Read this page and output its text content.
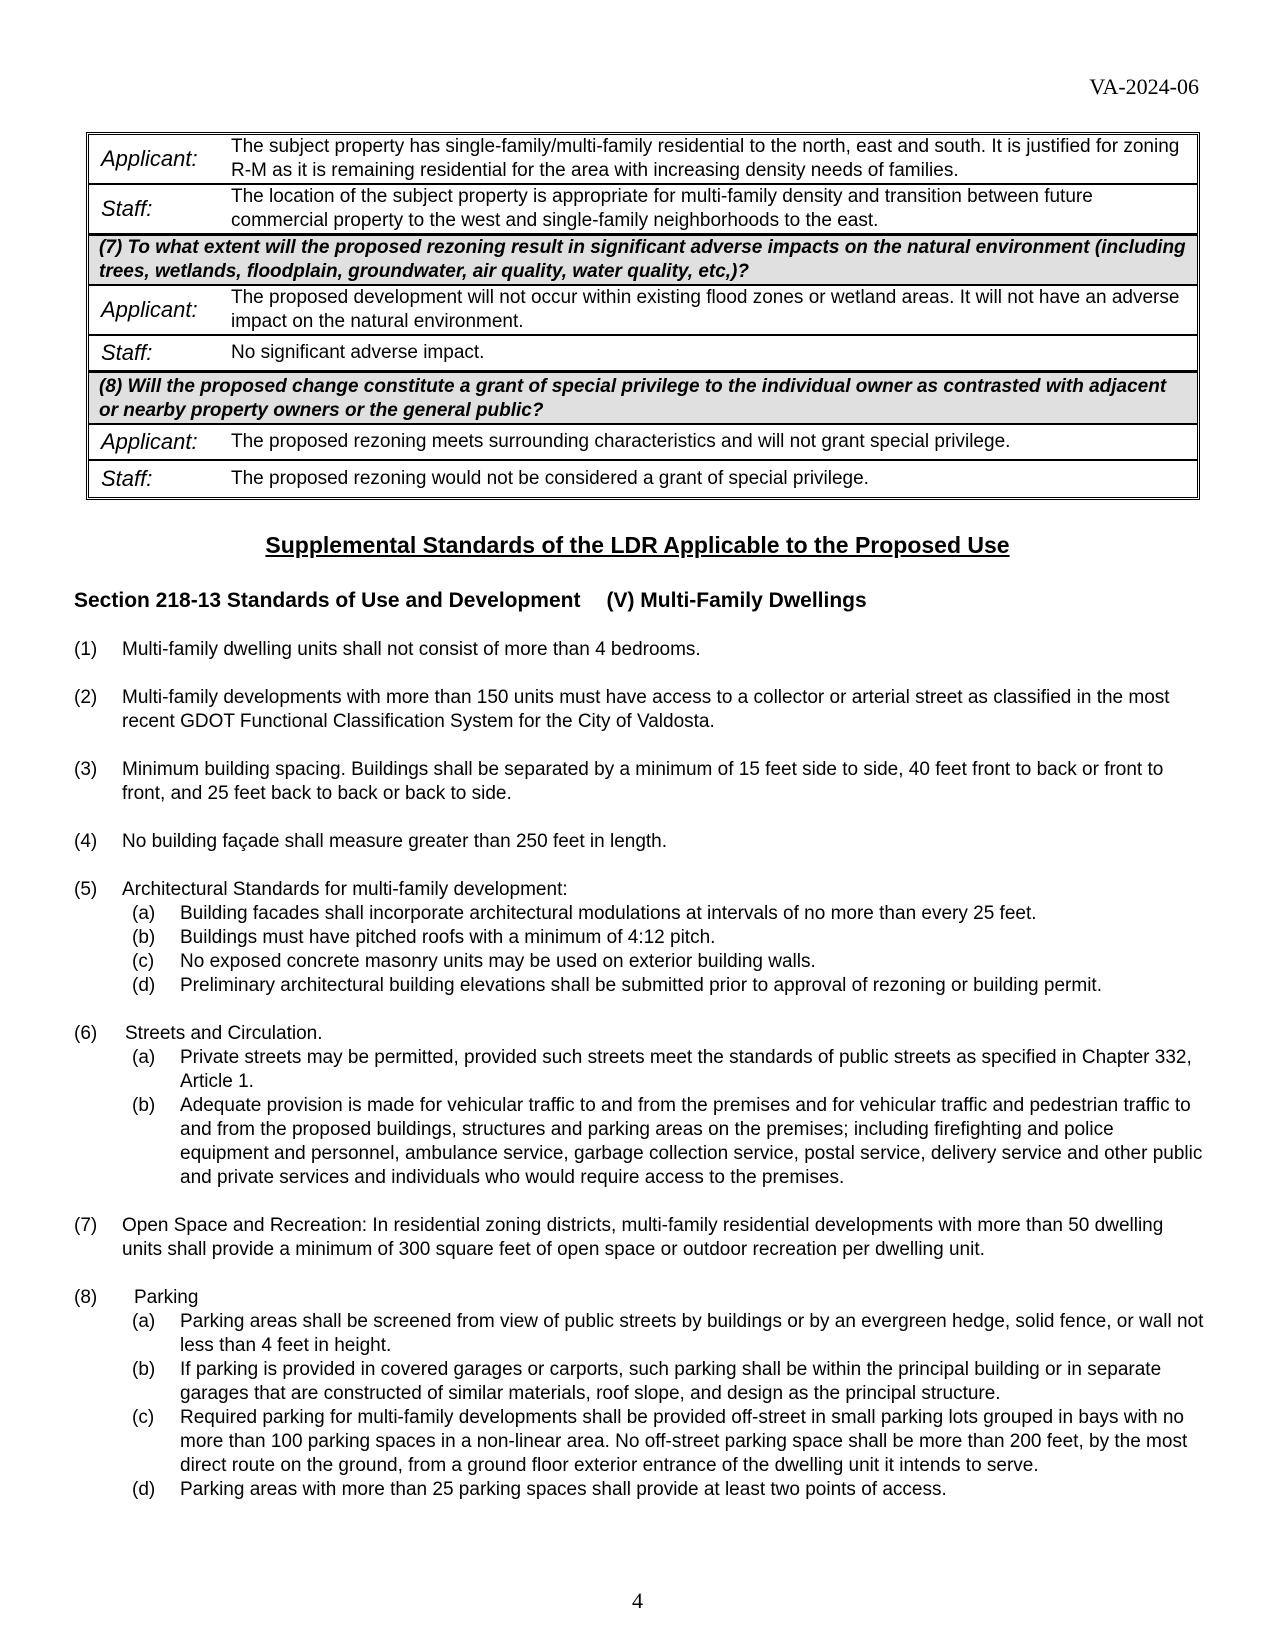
VA-2024-06
Applicant:	The subject property has single-family/multi-family residential to the north, east and south. It is justified for zoning R-M as it is remaining residential for the area with increasing density needs of families.
Staff:	The location of the subject property is appropriate for multi-family density and transition between future commercial property to the west and single-family neighborhoods to the east.
(7) To what extent will the proposed rezoning result in significant adverse impacts on the natural environment (including trees, wetlands, floodplain, groundwater, air quality, water quality, etc,)?
Applicant:	The proposed development will not occur within existing flood zones or wetland areas. It will not have an adverse impact on the natural environment.
Staff:	No significant adverse impact.
(8) Will the proposed change constitute a grant of special privilege to the individual owner as contrasted with adjacent or nearby property owners or the general public?
Applicant:	The proposed rezoning meets surrounding characteristics and will not grant special privilege.
Staff:	The proposed rezoning would not be considered a grant of special privilege.
Supplemental Standards of the LDR Applicable to the Proposed Use
Section 218-13 Standards of Use and Development (V) Multi-Family Dwellings
(1) Multi-family dwelling units shall not consist of more than 4 bedrooms.
(2) Multi-family developments with more than 150 units must have access to a collector or arterial street as classified in the most recent GDOT Functional Classification System for the City of Valdosta.
(3) Minimum building spacing. Buildings shall be separated by a minimum of 15 feet side to side, 40 feet front to back or front to front, and 25 feet back to back or back to side.
(4) No building façade shall measure greater than 250 feet in length.
(5) Architectural Standards for multi-family development:
(a) Building facades shall incorporate architectural modulations at intervals of no more than every 25 feet.
(b) Buildings must have pitched roofs with a minimum of 4:12 pitch.
(c) No exposed concrete masonry units may be used on exterior building walls.
(d) Preliminary architectural building elevations shall be submitted prior to approval of rezoning or building permit.
(6) Streets and Circulation.
(a) Private streets may be permitted, provided such streets meet the standards of public streets as specified in Chapter 332, Article 1.
(b) Adequate provision is made for vehicular traffic to and from the premises and for vehicular traffic and pedestrian traffic to and from the proposed buildings, structures and parking areas on the premises; including firefighting and police equipment and personnel, ambulance service, garbage collection service, postal service, delivery service and other public and private services and individuals who would require access to the premises.
(7) Open Space and Recreation: In residential zoning districts, multi-family residential developments with more than 50 dwelling units shall provide a minimum of 300 square feet of open space or outdoor recreation per dwelling unit.
(8)	Parking
(a) Parking areas shall be screened from view of public streets by buildings or by an evergreen hedge, solid fence, or wall not less than 4 feet in height.
(b) If parking is provided in covered garages or carports, such parking shall be within the principal building or in separate garages that are constructed of similar materials, roof slope, and design as the principal structure.
(c) Required parking for multi-family developments shall be provided off-street in small parking lots grouped in bays with no more than 100 parking spaces in a non-linear area. No off-street parking space shall be more than 200 feet, by the most direct route on the ground, from a ground floor exterior entrance of the dwelling unit it intends to serve.
(d) Parking areas with more than 25 parking spaces shall provide at least two points of access.
4
